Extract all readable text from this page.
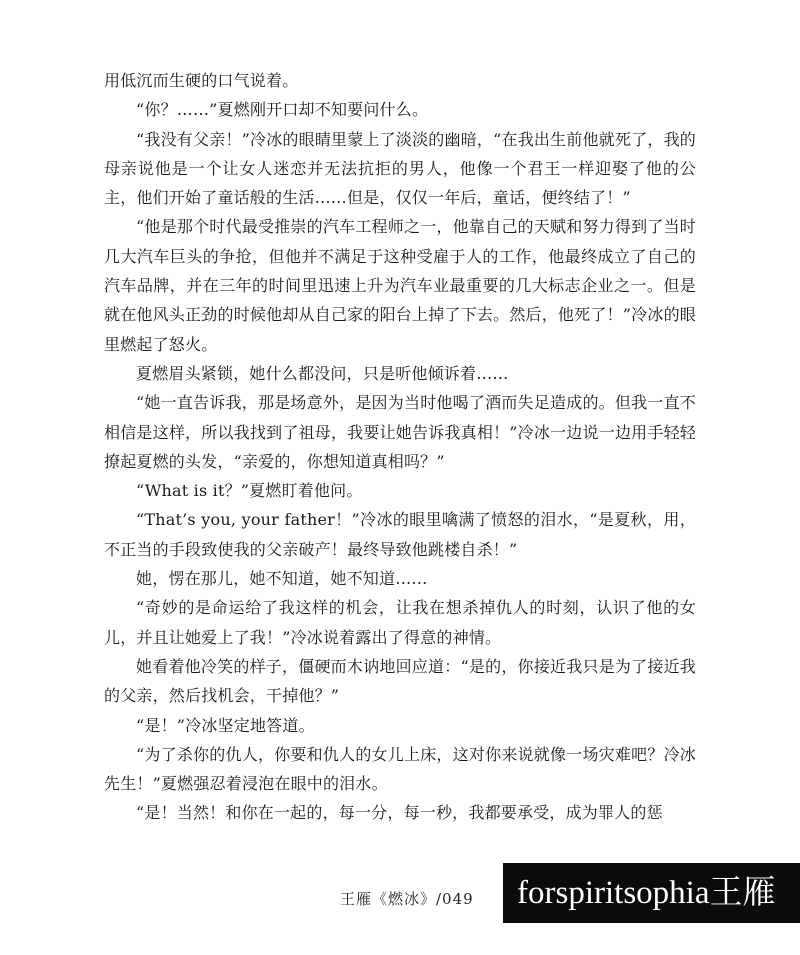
用低沉而生硬的口气说着。

“你？……”夏燃刚开口却不知要问什么。

“我没有父亲！”冷冰的眼睛里蒙上了淡淡的幽暗，“在我出生前他就死了，我的母亲说他是一个让女人迷恋并无法抗拒的男人，他像一个君王一样迎娶了他的公主，他们开始了童话般的生活……但是，仅仅一年后，童话，便终结了！”

“他是那个时代最受推崇的汽车工程师之一，他靠自己的天赋和努力得到了当时几大汽车巨头的争抢，但他并不满足于这种受雇于人的工作，他最终成立了自己的汽车品牌，并在三年的时间里迅速上升为汽车业最重要的几大标志企业之一。但是就在他风头正劲的时候他却从自己家的阳台上掉了下去。然后，他死了！”冷冰的眼里燃起了怒火。

夏燃眉头紧锁，她什么都没问，只是听他倾诉着……

“她一直告诉我，那是场意外，是因为当时他喝了酒而失足造成的。但我一直不相信是这样，所以我找到了祖母，我要让她告诉我真相！”冷冰一边说一边用手轻轻撩起夏燃的头发，“亲爱的，你想知道真相吗？”

“What is it？”夏燃盯着他问。

“That’s you, your father！”冷冰的眼里噙满了愤怒的泪水，“是夏秋，用，不正当的手段致使我的父亲破产！最终导致他跳楼自杀！”

她，愣在那儿，她不知道，她不知道……

“奇妙的是命运给了我这样的机会，让我在想杀掉仇人的时刻，认识了他的女儿，并且让她爱上了我！”冷冰说着露出了得意的神情。

她看着他冷笑的样子，僵硬而木讷地回应道：“是的，你接近我只是为了接近我的父亲，然后找机会，干掉他？”

“是！”冷冰坚定地答道。

“为了杀你的仇人，你要和仇人的女儿上床，这对你来说就像一场灾难吧？冷冰先生！”夏燃强忍着浸泡在眼中的泪水。

“是！当然！和你在一起的，每一分，每一秒，我都要承受，成为罪人的惩

王雁《燃冰》/049	forspiritsophia王雁
